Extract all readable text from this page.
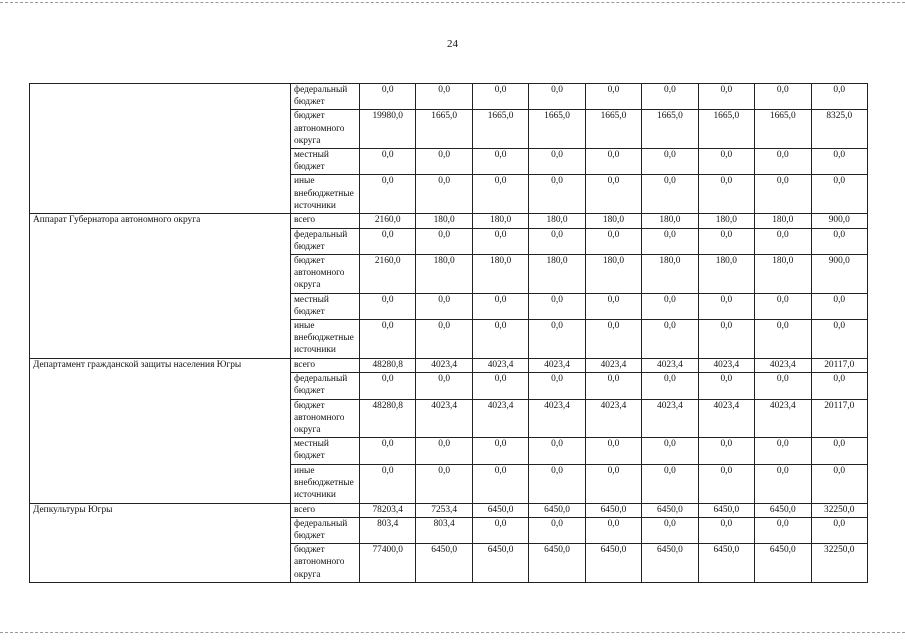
24
	федеральный бюджет	0,0	0,0	0,0	0,0	0,0	0,0	0,0	0,0	0,0
	бюджет автономного округа	19980,0	1665,0	1665,0	1665,0	1665,0	1665,0	1665,0	1665,0	8325,0
	местный бюджет	0,0	0,0	0,0	0,0	0,0	0,0	0,0	0,0	0,0
	иные внебюджетные источники	0,0	0,0	0,0	0,0	0,0	0,0	0,0	0,0	0,0
Аппарат Губернатора автономного округа	всего	2160,0	180,0	180,0	180,0	180,0	180,0	180,0	180,0	900,0
	федеральный бюджет	0,0	0,0	0,0	0,0	0,0	0,0	0,0	0,0	0,0
	бюджет автономного округа	2160,0	180,0	180,0	180,0	180,0	180,0	180,0	180,0	900,0
	местный бюджет	0,0	0,0	0,0	0,0	0,0	0,0	0,0	0,0	0,0
	иные внебюджетные источники	0,0	0,0	0,0	0,0	0,0	0,0	0,0	0,0	0,0
Департамент гражданской защиты населения Югры	всего	48280,8	4023,4	4023,4	4023,4	4023,4	4023,4	4023,4	4023,4	20117,0
	федеральный бюджет	0,0	0,0	0,0	0,0	0,0	0,0	0,0	0,0	0,0
	бюджет автономного округа	48280,8	4023,4	4023,4	4023,4	4023,4	4023,4	4023,4	4023,4	20117,0
	местный бюджет	0,0	0,0	0,0	0,0	0,0	0,0	0,0	0,0	0,0
	иные внебюджетные источники	0,0	0,0	0,0	0,0	0,0	0,0	0,0	0,0	0,0
Депкультуры Югры	всего	78203,4	7253,4	6450,0	6450,0	6450,0	6450,0	6450,0	6450,0	32250,0
	федеральный бюджет	803,4	803,4	0,0	0,0	0,0	0,0	0,0	0,0	0,0
	бюджет автономного округа	77400,0	6450,0	6450,0	6450,0	6450,0	6450,0	6450,0	6450,0	32250,0
